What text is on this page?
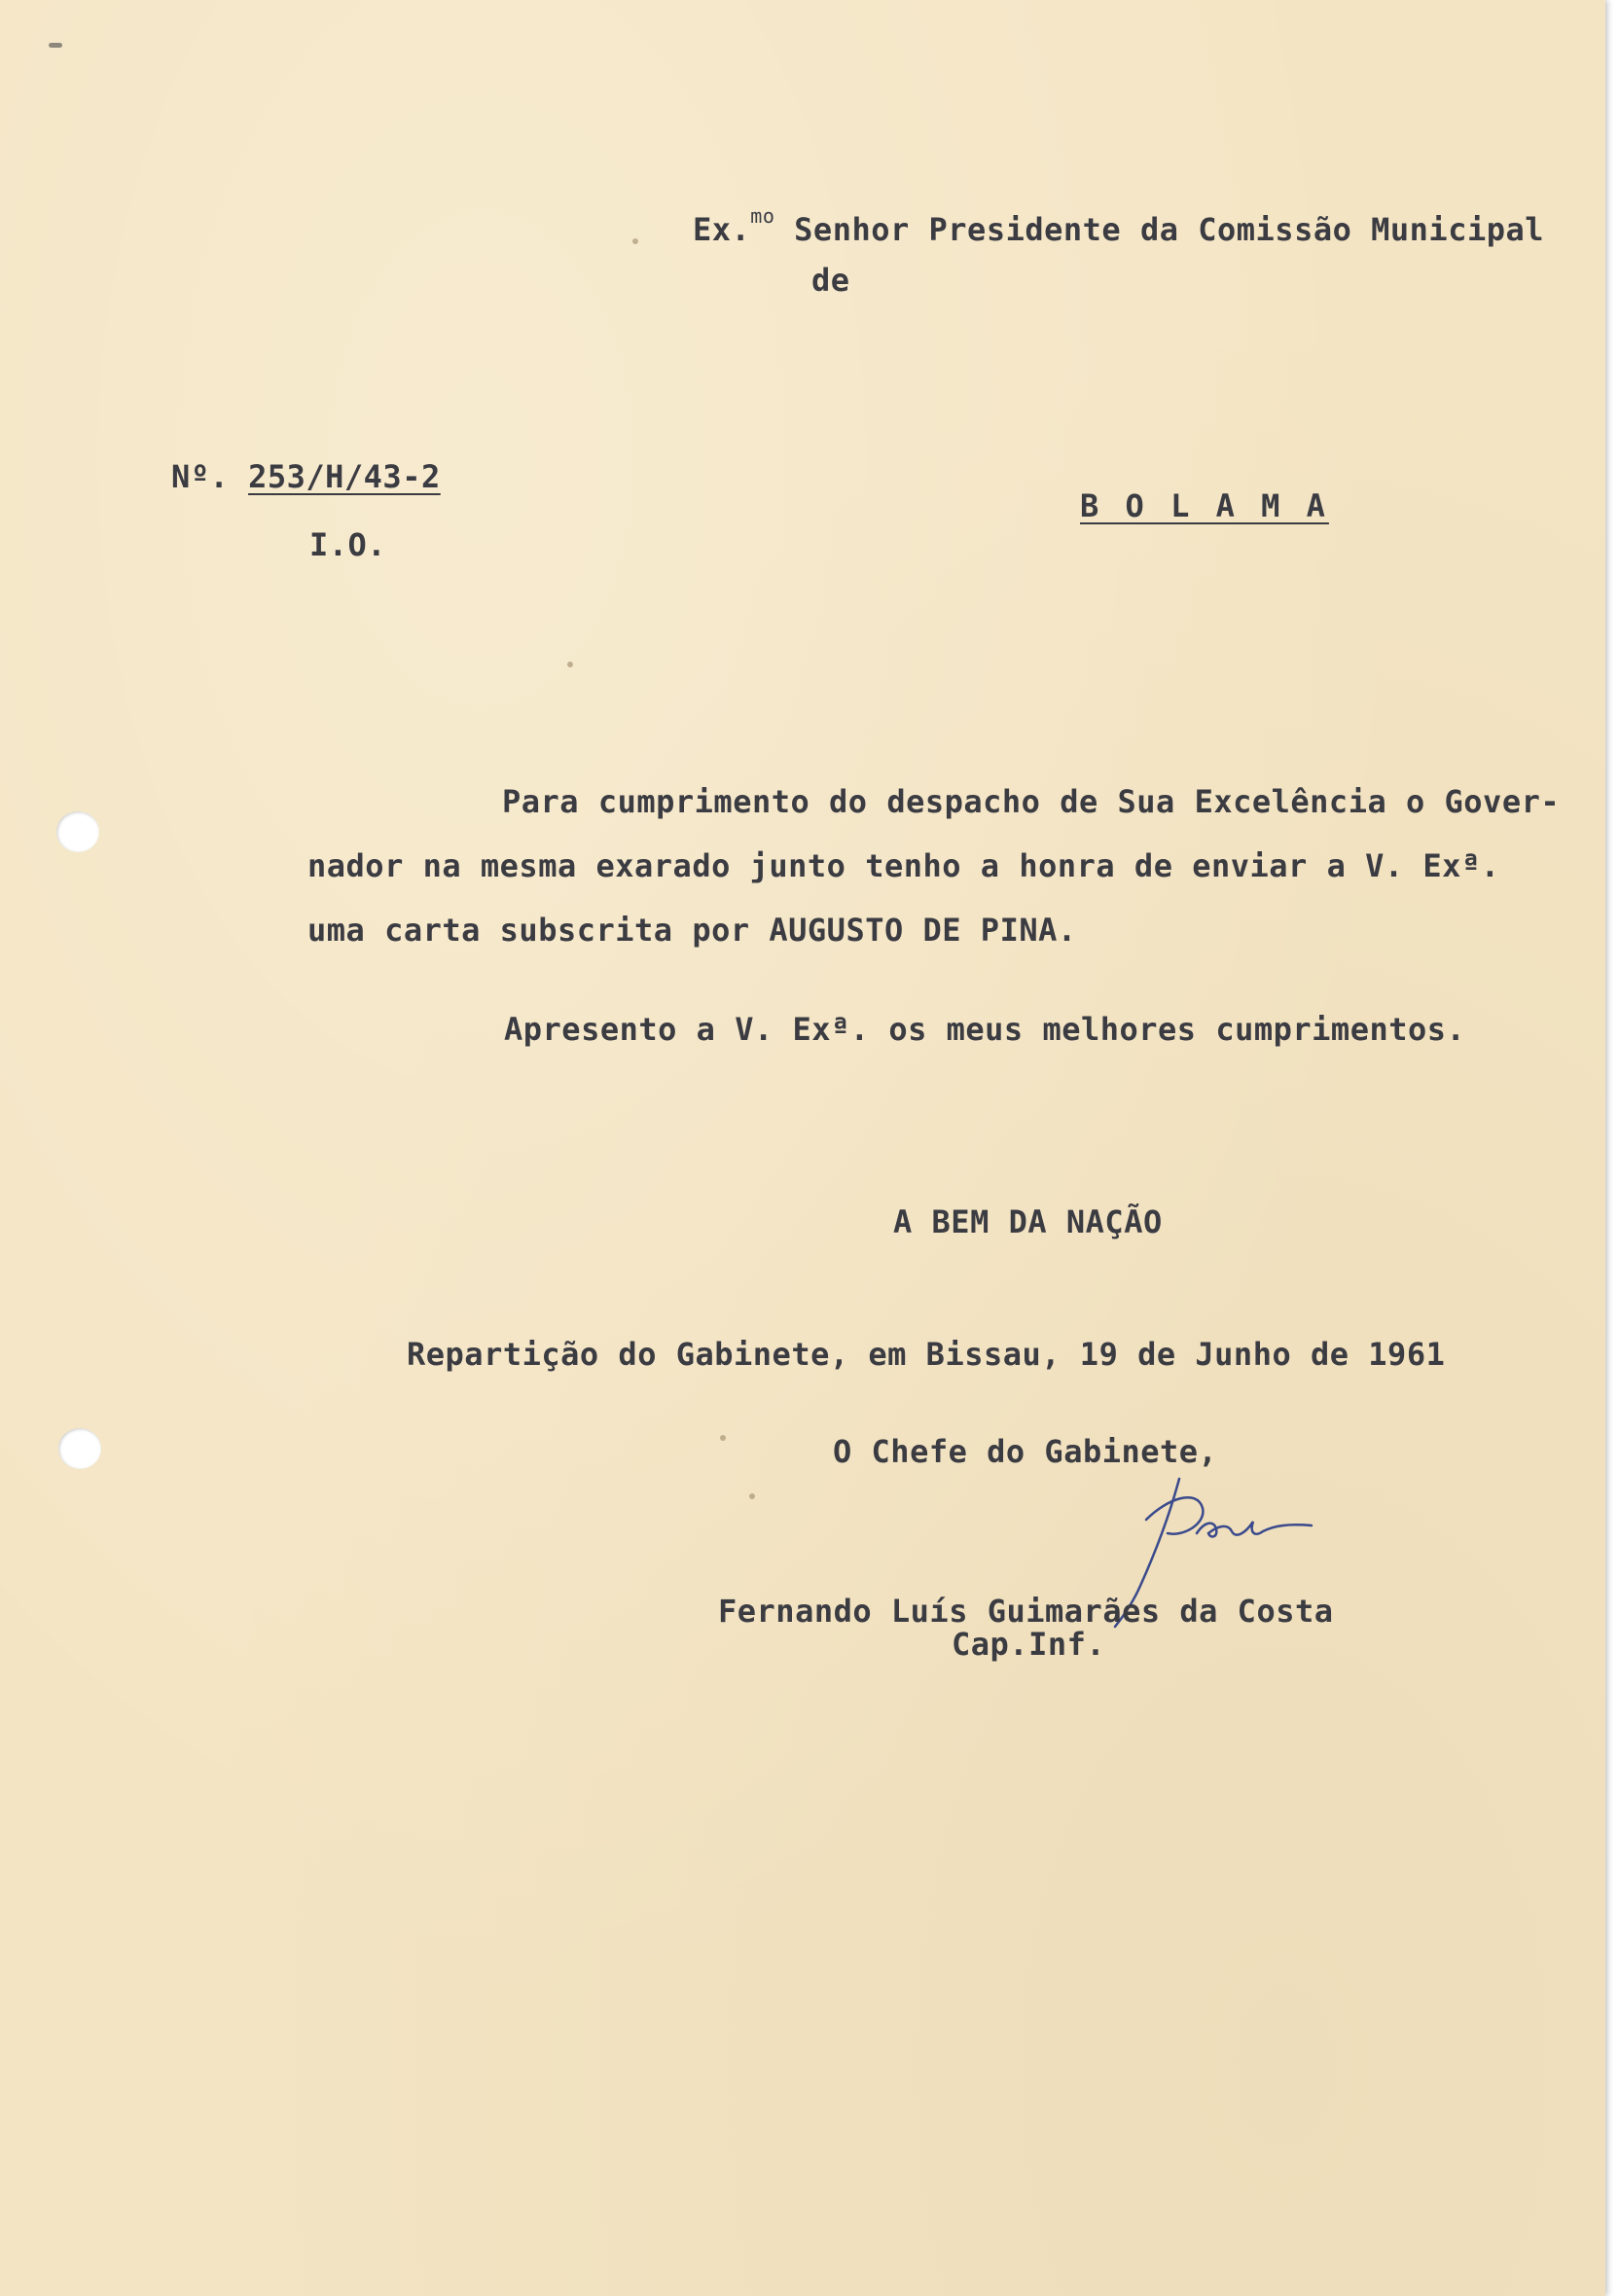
Ex.$^{mo}$ Senhor Presidente da Comissão Municipal
de
Nº. 253/H/43-2
I.O.
B O L A M A
Para cumprimento do despacho de Sua Excelência o Gover-
nador na mesma exarado junto tenho a honra de enviar a V. Exª.
uma carta subscrita por AUGUSTO DE PINA.
Apresento a V. Exª. os meus melhores cumprimentos.
A BEM DA NAÇÃO
Repartição do Gabinete, em Bissau, 19 de Junho de 1961
O Chefe do Gabinete,
Fernando Luís Guimarães da Costa
Cap.Inf.
